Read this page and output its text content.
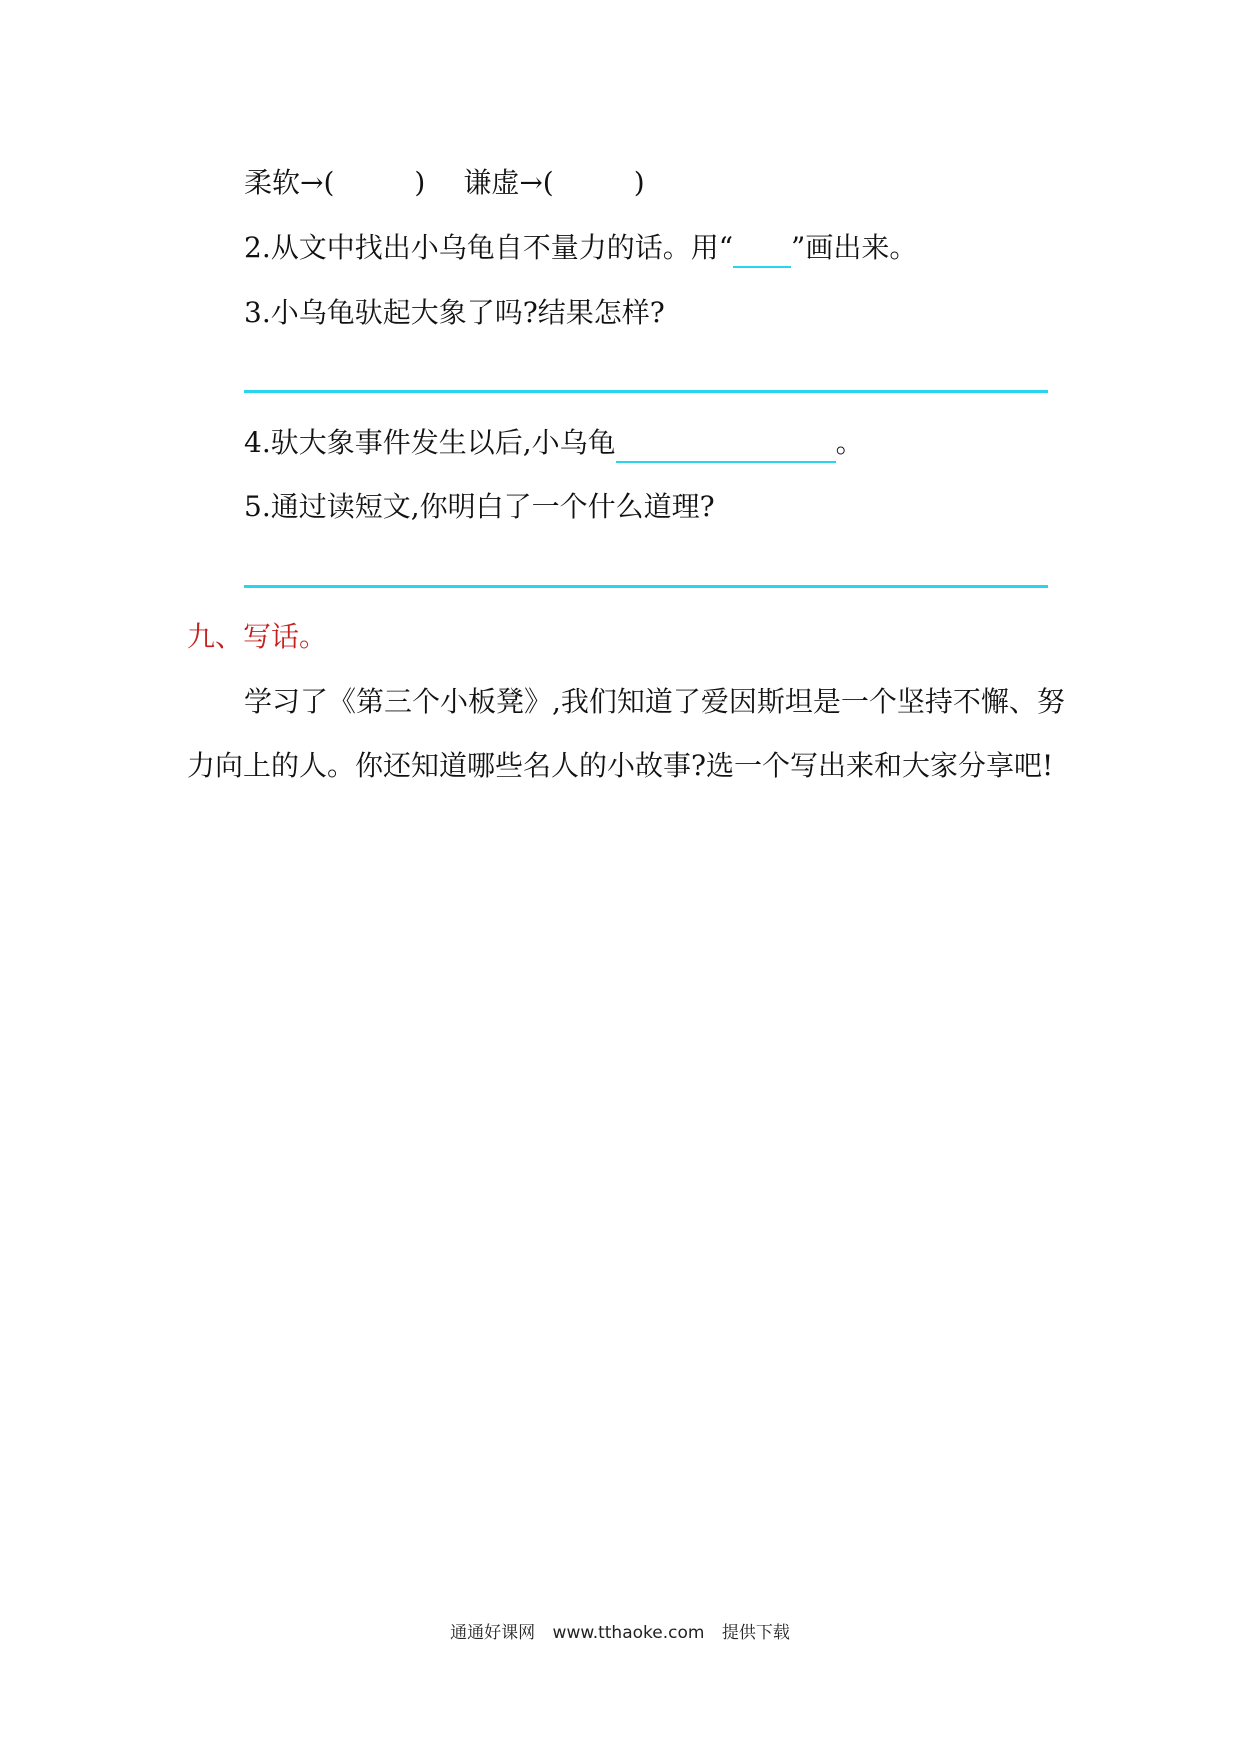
柔软→(	) 谦虚→(	)
2.从文中找出小乌龟自不量力的话。用“ ”画出来。
3.小乌龟驮起大象了吗?结果怎样?
4.驮大象事件发生以后,小乌龟	。
5.通过读短文,你明白了一个什么道理?
九、写话。
学习了《第三个小板凳》,我们知道了爱因斯坦是一个坚持不懈、努
力向上的人。你还知道哪些名人的小故事?选一个写出来和大家分享吧!
通通好课网 www.tthaoke.com 提供下载
